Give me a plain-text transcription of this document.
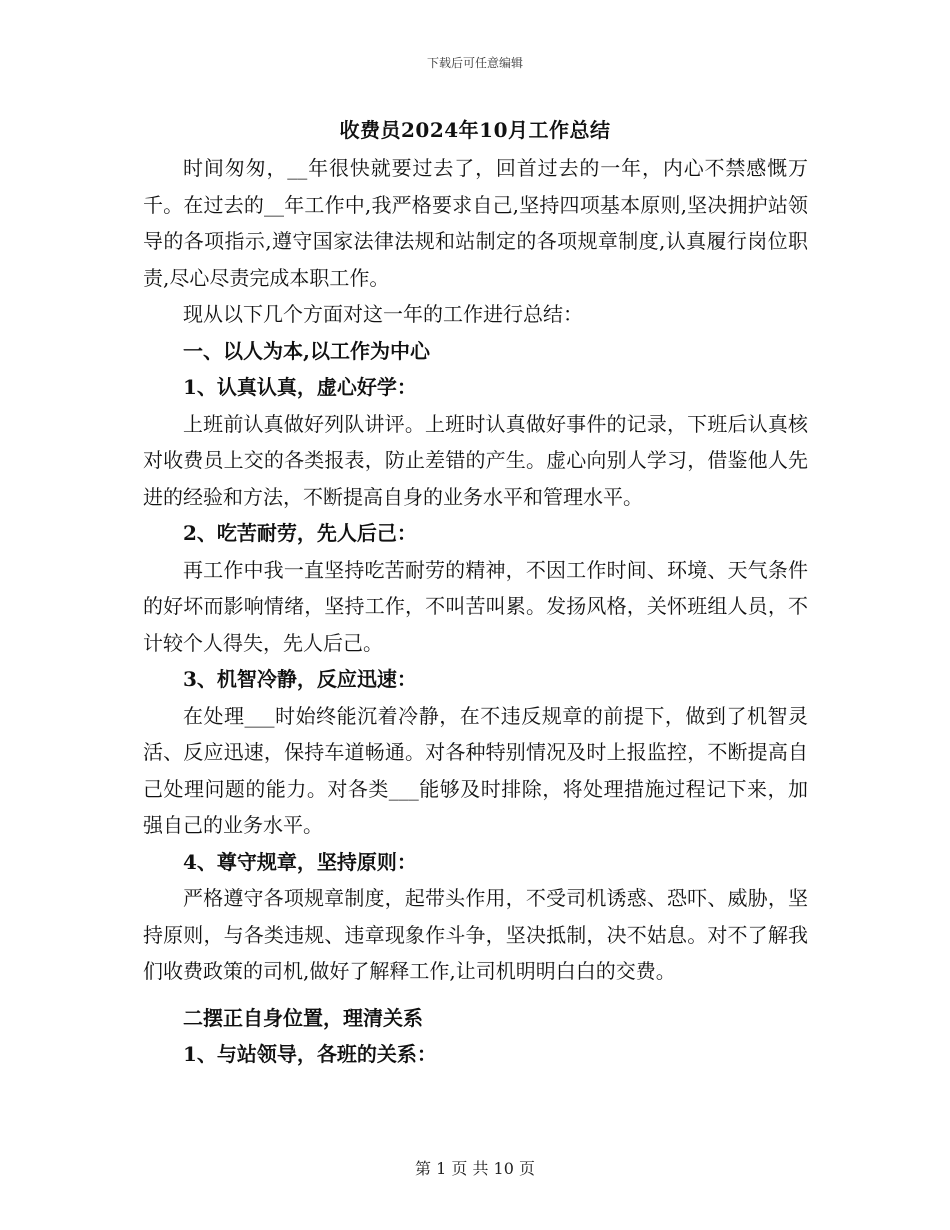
下载后可任意编辑
收费员2024年10月工作总结

时间匆匆，__年很快就要过去了，回首过去的一年，内心不禁感慨万千。在过去的__年工作中,我严格要求自己,坚持四项基本原则,坚决拥护站领导的各项指示,遵守国家法律法规和站制定的各项规章制度,认真履行岗位职责,尽心尽责完成本职工作。

现从以下几个方面对这一年的工作进行总结：

一、以人为本,以工作为中心

1、认真认真，虚心好学：

上班前认真做好列队讲评。上班时认真做好事件的记录，下班后认真核对收费员上交的各类报表，防止差错的产生。虚心向别人学习，借鉴他人先进的经验和方法，不断提高自身的业务水平和管理水平。

2、吃苦耐劳，先人后己：

再工作中我一直坚持吃苦耐劳的精神，不因工作时间、环境、天气条件的好坏而影响情绪，坚持工作，不叫苦叫累。发扬风格，关怀班组人员，不计较个人得失，先人后己。

3、机智冷静，反应迅速：

在处理___时始终能沉着冷静，在不违反规章的前提下，做到了机智灵活、反应迅速，保持车道畅通。对各种特别情况及时上报监控，不断提高自己处理问题的能力。对各类___能够及时排除，将处理措施过程记下来，加强自己的业务水平。

4、尊守规章，坚持原则：

严格遵守各项规章制度，起带头作用，不受司机诱惑、恐吓、威胁，坚持原则，与各类违规、违章现象作斗争，坚决抵制，决不姑息。对不了解我们收费政策的司机,做好了解释工作,让司机明明白白的交费。

二摆正自身位置，理清关系

1、与站领导，各班的关系：

第 1 页 共 10 页
